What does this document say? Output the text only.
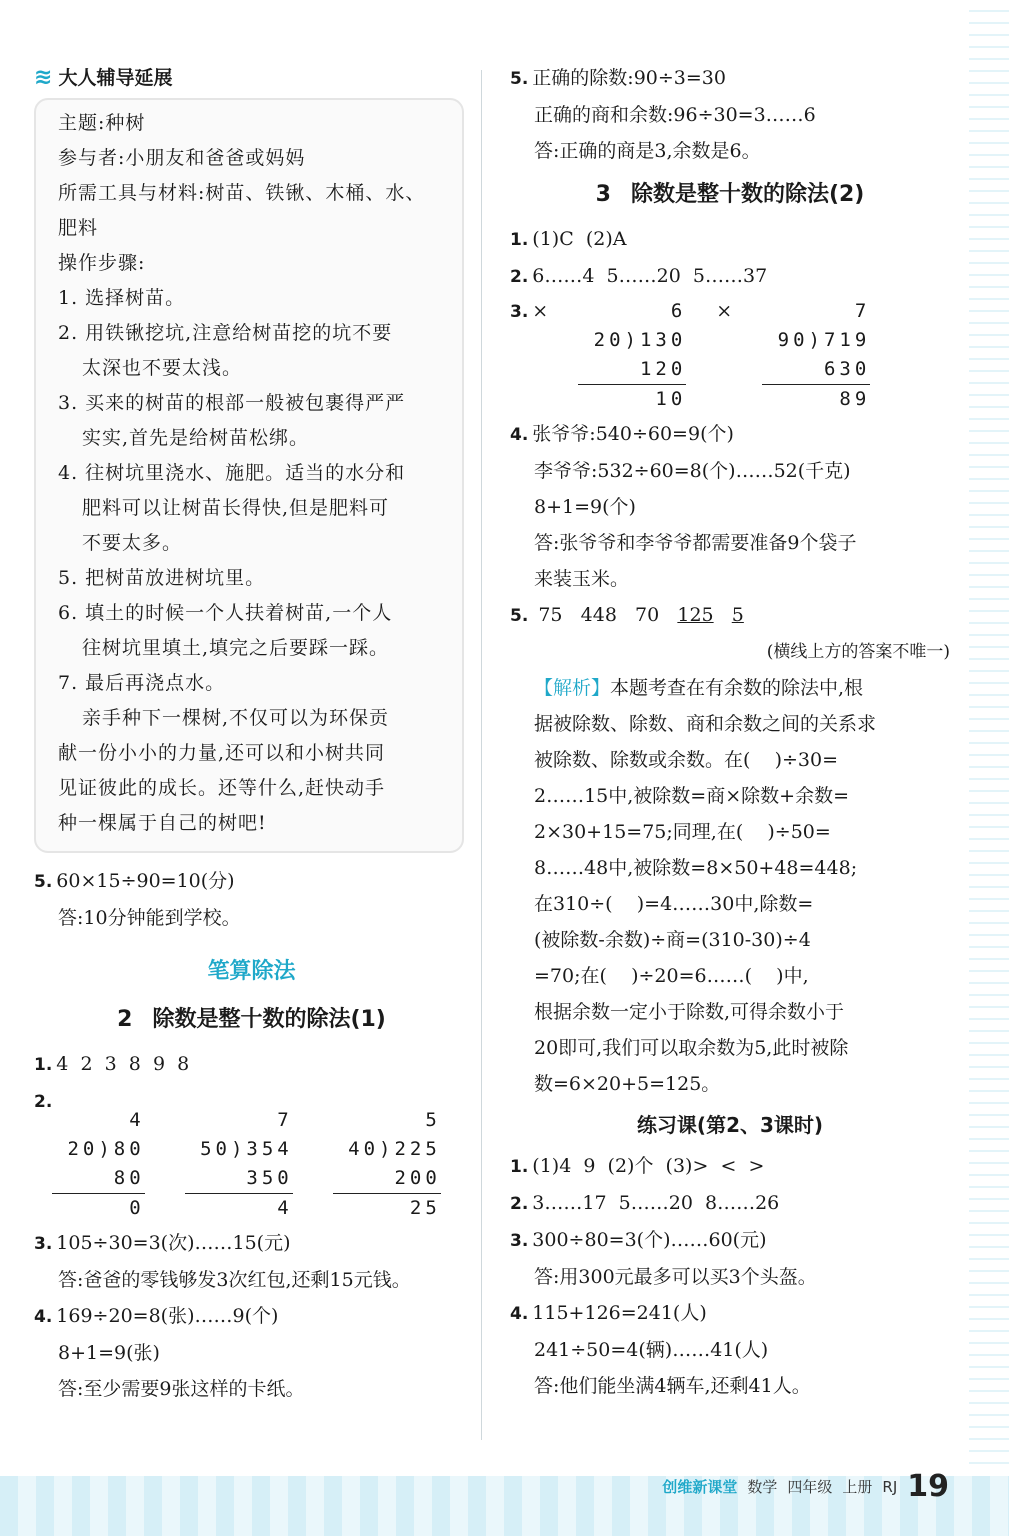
≋ 大人辅导延展

主题:种树

参与者:小朋友和爸爸或妈妈

所需工具与材料:树苗、铁锹、木桶、水、

肥料

操作步骤:

1. 选择树苗。

2. 用铁锹挖坑,注意给树苗挖的坑不要

太深也不要太浅。

3. 买来的树苗的根部一般被包裹得严严

实实,首先是给树苗松绑。

4. 往树坑里浇水、施肥。适当的水分和

肥料可以让树苗长得快,但是肥料可

不要太多。

5. 把树苗放进树坑里。

6. 填土的时候一个人扶着树苗,一个人

往树坑里填土,填完之后要踩一踩。

7. 最后再浇点水。

亲手种下一棵树,不仅可以为环保贡

献一份小小的力量,还可以和小树共同

见证彼此的成长。还等什么,赶快动手

种一棵属于自己的树吧!

5. 60×15÷90=10(分)
答:10分钟能到学校。
笔算除法
2 除数是整十数的除法(1)
1. 4  2  3  8  9  8
2.
4
20)80
80
0
7
50)354
350
4
5
40)225
200
25
3. 105÷30=3(次)……15(元)
答:爸爸的零钱够发3次红包,还剩15元钱。
4. 169÷20=8(张)……9(个)
8+1=9(张)
答:至少需要9张这样的卡纸。
5. 正确的除数:90÷3=30
正确的商和余数:96÷30=3……6
答:正确的商是3,余数是6。
3 除数是整十数的除法(2)
1. (1)C  (2)A
2. 6……4  5……20  5……37
3. × 6
20)130
120
10
× 7
90)719
630
89
4. 张爷爷:540÷60=9(个)
李爷爷:532÷60=8(个)……52(千克)
8+1=9(个)
答:张爷爷和李爷爷都需要准备9个袋子
来装玉米。
5. 75 448 70 125 5
(横线上方的答案不唯一)
【解析】本题考查在有余数的除法中,根
据被除数、除数、商和余数之间的关系求
被除数、除数或余数。在(    )÷30=
2……15中,被除数=商×除数+余数=
2×30+15=75;同理,在(    )÷50=
8……48中,被除数=8×50+48=448;
在310÷(    )=4……30中,除数=
(被除数-余数)÷商=(310-30)÷4
=70;在(    )÷20=6……(    )中,
根据余数一定小于除数,可得余数小于
20即可,我们可以取余数为5,此时被除
数=6×20+5=125。
练习课(第2、3课时)
1. (1)4  9  (2)个  (3)>  <  >
2. 3……17  5……20  8……26
3. 300÷80=3(个)……60(元)
答:用300元最多可以买3个头盔。
4. 115+126=241(人)
241÷50=4(辆)……41(人)
答:他们能坐满4辆车,还剩41人。
创维新课堂 数学 四年级 上册 RJ 19
